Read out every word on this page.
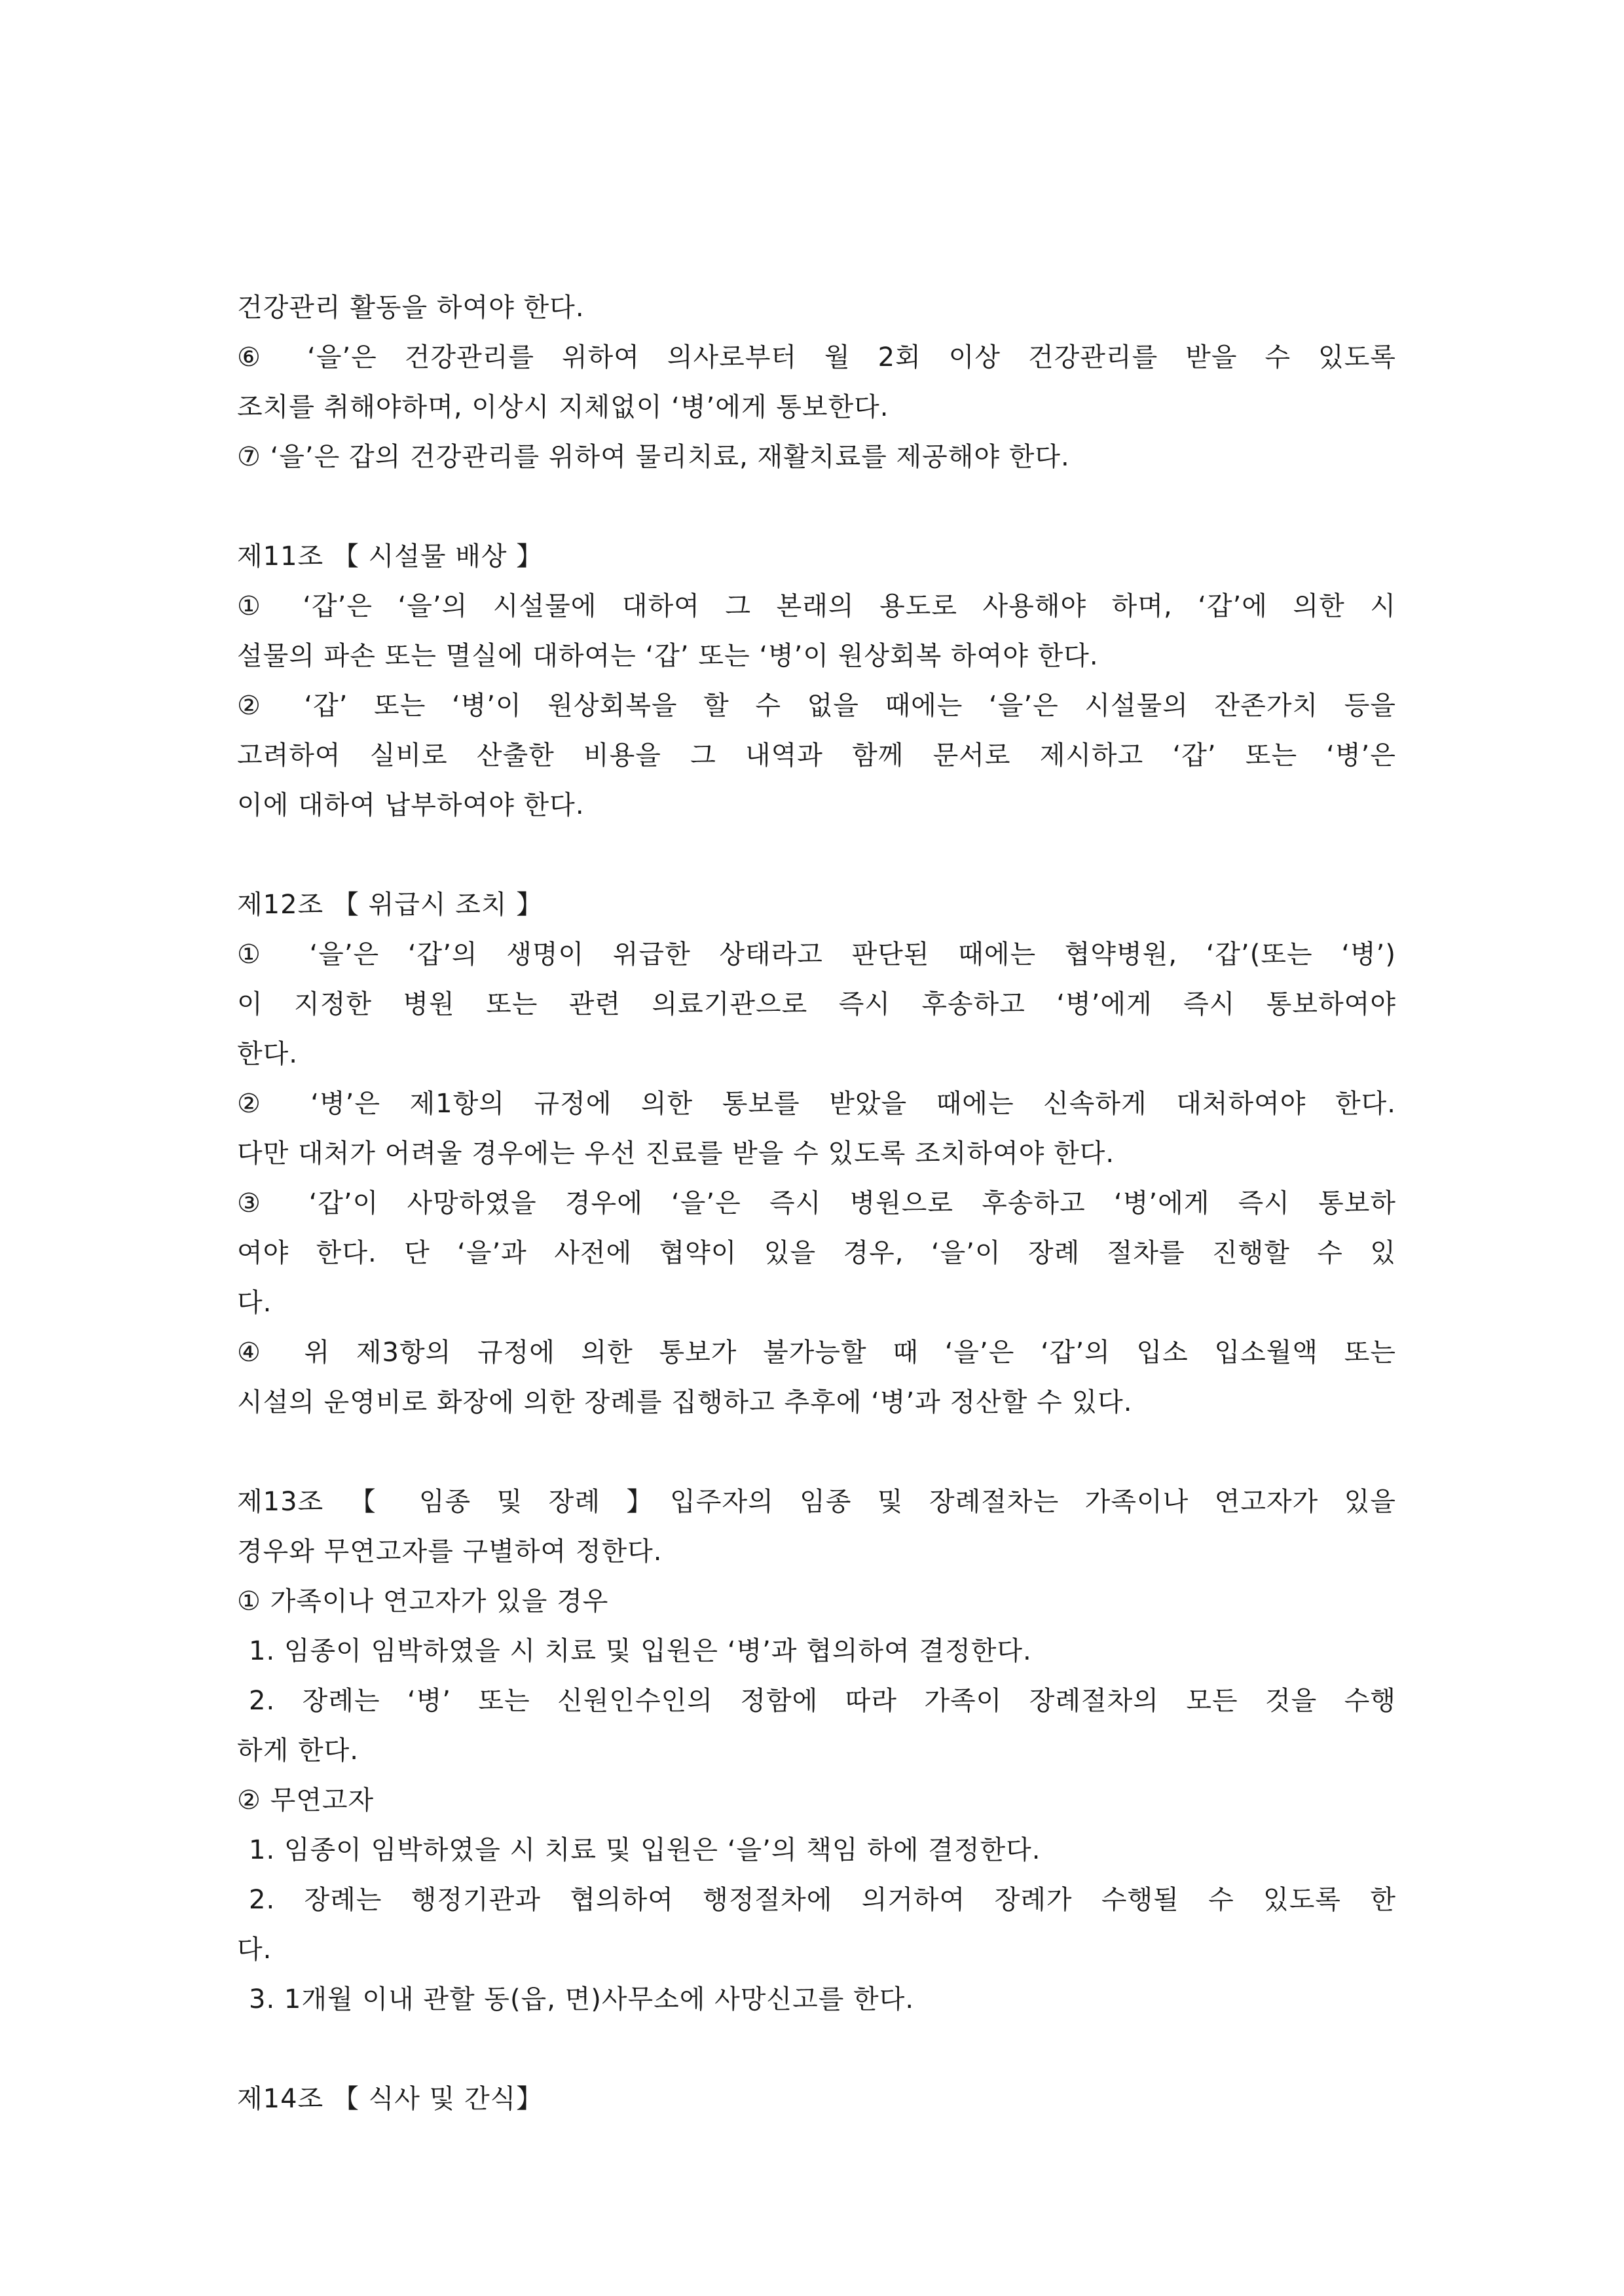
건강관리 활동을 하여야 한다.
⑥ ‘을’은 건강관리를 위하여 의사로부터 월 2회 이상 건강관리를 받을 수 있도록
조치를 취해야하며, 이상시 지체없이 ‘병’에게 통보한다.
⑦ ‘을’은 갑의 건강관리를 위하여 물리치료, 재활치료를 제공해야 한다.
제11조 【 시설물 배상 】
① ‘갑’은 ‘을’의 시설물에 대하여 그 본래의 용도로 사용해야 하며, ‘갑’에 의한 시
설물의 파손 또는 멸실에 대하여는 ‘갑’ 또는 ‘병’이 원상회복 하여야 한다.
② ‘갑’ 또는 ‘병’이 원상회복을 할 수 없을 때에는 ‘을’은 시설물의 잔존가치 등을
고려하여 실비로 산출한 비용을 그 내역과 함께 문서로 제시하고 ‘갑’ 또는 ‘병’은
이에 대하여 납부하여야 한다.
제12조 【 위급시 조치 】
① ‘을’은 ‘갑’의 생명이 위급한 상태라고 판단된 때에는 협약병원, ‘갑’(또는 ‘병’)
이 지정한 병원 또는 관련 의료기관으로 즉시 후송하고 ‘병’에게 즉시 통보하여야
한다.
② ‘병’은 제1항의 규정에 의한 통보를 받았을 때에는 신속하게 대처하여야 한다.
다만 대처가 어려울 경우에는 우선 진료를 받을 수 있도록 조치하여야 한다.
③ ‘갑’이 사망하였을 경우에 ‘을’은 즉시 병원으로 후송하고 ‘병’에게 즉시 통보하
여야 한다. 단 ‘을’과 사전에 협약이 있을 경우, ‘을’이 장례 절차를 진행할 수 있
다.
④ 위 제3항의 규정에 의한 통보가 불가능할 때 ‘을’은 ‘갑’의 입소 입소월액 또는
시설의 운영비로 화장에 의한 장례를 집행하고 추후에 ‘병’과 정산할 수 있다.
제13조 【 임종 및 장례 】입주자의 임종 및 장례절차는 가족이나 연고자가 있을
경우와 무연고자를 구별하여 정한다.
① 가족이나 연고자가 있을 경우
1. 임종이 임박하였을 시 치료 및 입원은 ‘병’과 협의하여 결정한다.
2. 장례는 ‘병’ 또는 신원인수인의 정함에 따라 가족이 장례절차의 모든 것을 수행
하게 한다.
② 무연고자
1. 임종이 임박하였을 시 치료 및 입원은 ‘을’의 책임 하에 결정한다.
2. 장례는 행정기관과 협의하여 행정절차에 의거하여 장례가 수행될 수 있도록 한
다.
3. 1개월 이내 관할 동(읍, 면)사무소에 사망신고를 한다.
제14조 【 식사 및 간식】
